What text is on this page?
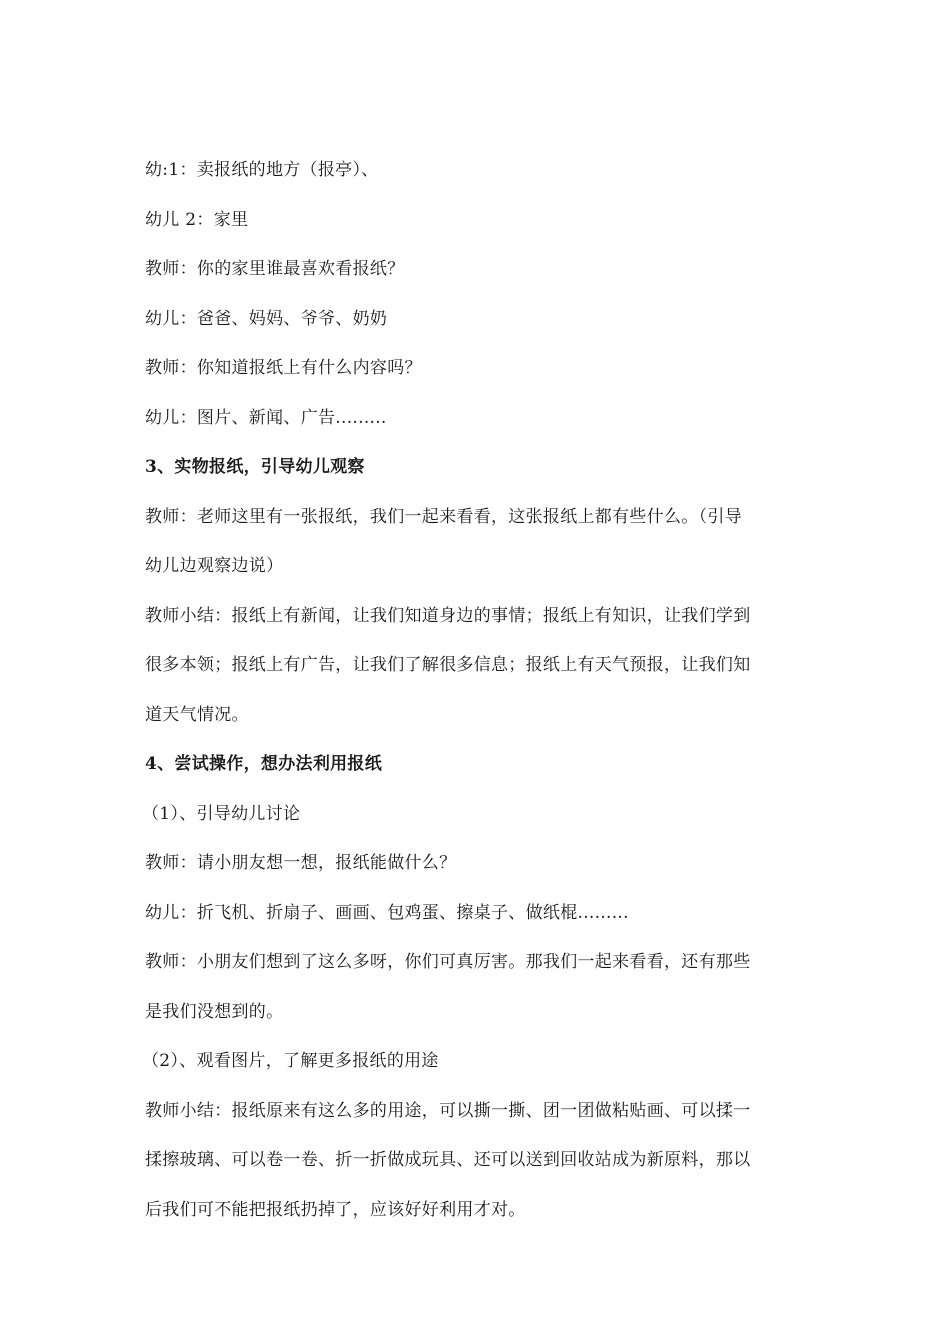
幼:1：卖报纸的地方（报亭）、
幼儿 2：家里
教师：你的家里谁最喜欢看报纸？
幼儿：爸爸、妈妈、爷爷、奶奶
教师：你知道报纸上有什么内容吗？
幼儿：图片、新闻、广告.........
3、实物报纸，引导幼儿观察
教师：老师这里有一张报纸，我们一起来看看，这张报纸上都有些什么。（引导
幼儿边观察边说）
教师小结：报纸上有新闻，让我们知道身边的事情；报纸上有知识，让我们学到
很多本领；报纸上有广告，让我们了解很多信息；报纸上有天气预报，让我们知
道天气情况。
4、尝试操作，想办法利用报纸
（1）、引导幼儿讨论
教师：请小朋友想一想，报纸能做什么？
幼儿：折飞机、折扇子、画画、包鸡蛋、擦桌子、做纸棍.........
教师：小朋友们想到了这么多呀，你们可真厉害。那我们一起来看看，还有那些
是我们没想到的。
（2）、观看图片，了解更多报纸的用途
教师小结：报纸原来有这么多的用途，可以撕一撕、团一团做粘贴画、可以揉一
揉擦玻璃、可以卷一卷、折一折做成玩具、还可以送到回收站成为新原料，那以
后我们可不能把报纸扔掉了，应该好好利用才对。
